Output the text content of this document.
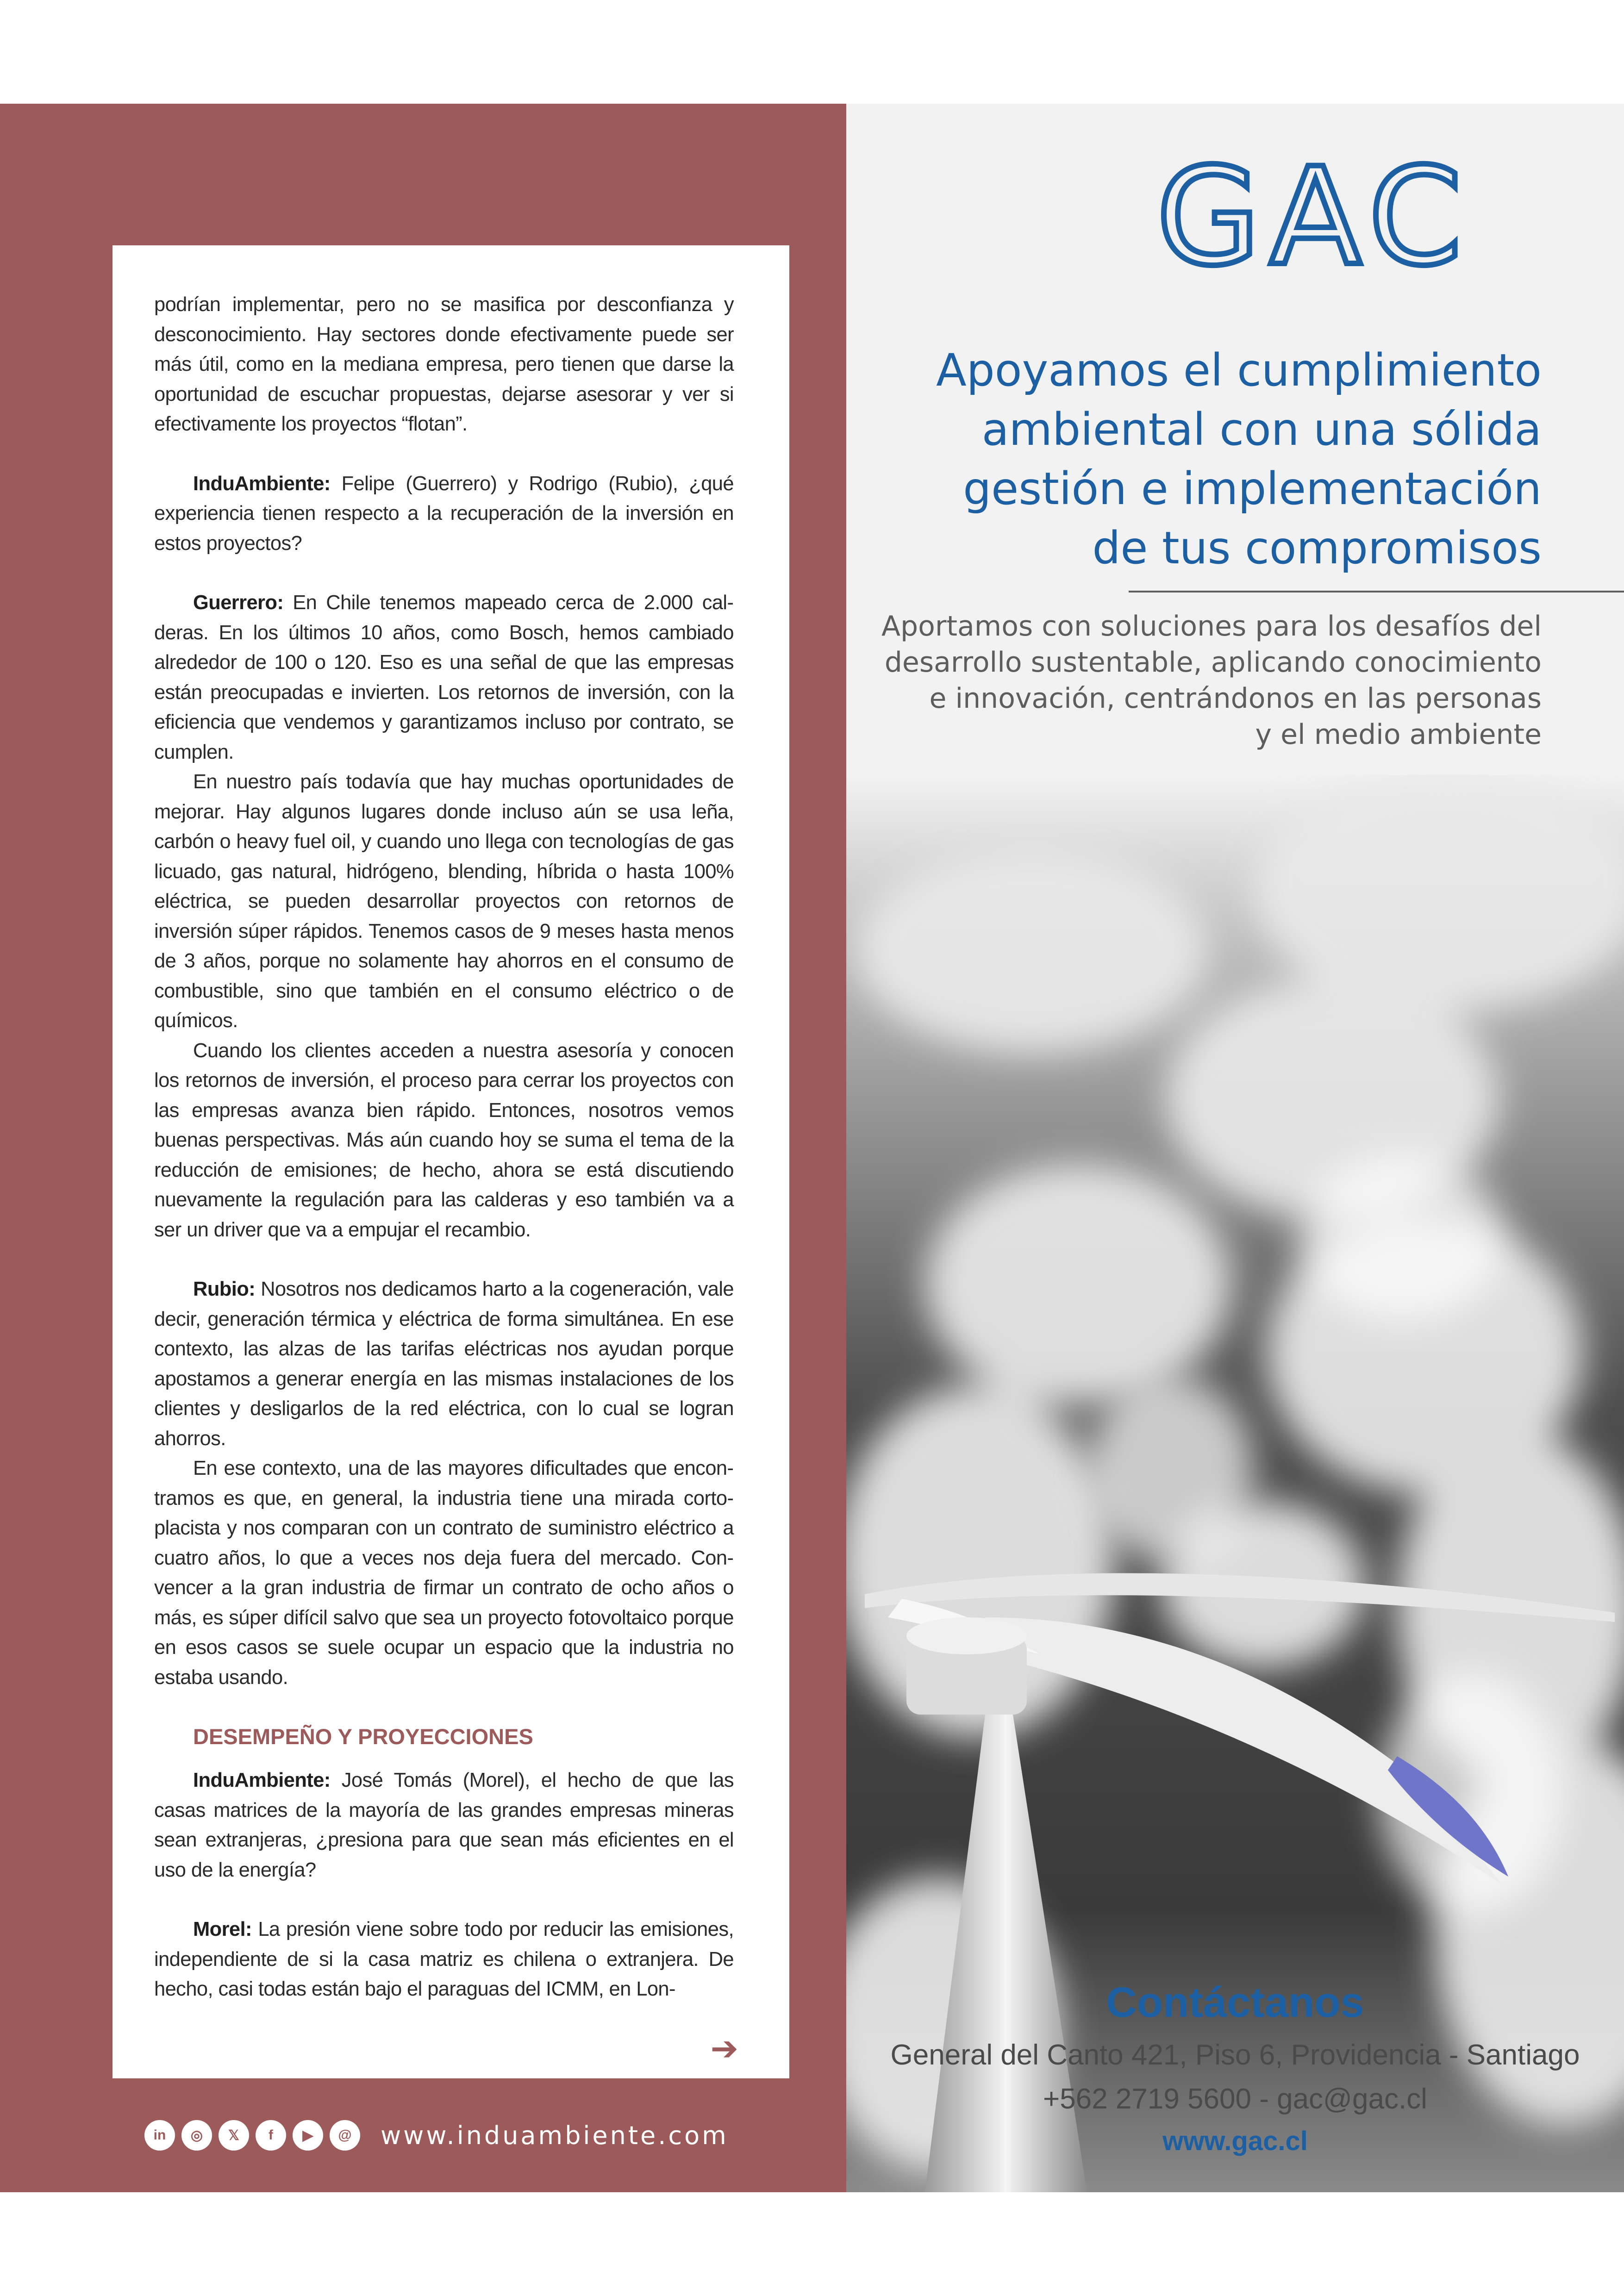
podrían implementar, pero no se masifica por desconfianza y desconocimiento. Hay sectores donde efectivamente puede ser más útil, como en la mediana empresa, pero tienen que darse la oportunidad de escuchar propuestas, dejarse asesorar y ver si efectivamente los proyectos “flotan”.

InduAmbiente: Felipe (Guerrero) y Rodrigo (Rubio), ¿qué experiencia tienen respecto a la recuperación de la inversión en estos proyectos?

Guerrero: En Chile tenemos mapeado cerca de 2.000 calderas. En los últimos 10 años, como Bosch, hemos cambiado alrededor de 100 o 120. Eso es una señal de que las empresas están preocupadas e invierten. Los retornos de inversión, con la eficiencia que vendemos y garantizamos incluso por contrato, se cumplen.

En nuestro país todavía que hay muchas oportunidades de mejorar. Hay algunos lugares donde incluso aún se usa leña, carbón o heavy fuel oil, y cuando uno llega con tecnologías de gas licuado, gas natural, hidrógeno, blending, híbrida o hasta 100% eléctrica, se pueden desarrollar proyectos con retornos de inversión súper rápidos. Tenemos casos de 9 meses hasta menos de 3 años, porque no solamente hay ahorros en el consumo de combustible, sino que también en el consumo eléctrico o de químicos.

Cuando los clientes acceden a nuestra asesoría y conocen los retornos de inversión, el proceso para cerrar los proyectos con las empresas avanza bien rápido. Entonces, nosotros vemos buenas perspectivas. Más aún cuando hoy se suma el tema de la reducción de emisiones; de hecho, ahora se está discutiendo nuevamente la regulación para las calderas y eso también va a ser un driver que va a empujar el recambio.

Rubio: Nosotros nos dedicamos harto a la cogeneración, vale decir, generación térmica y eléctrica de forma simultánea. En ese contexto, las alzas de las tarifas eléctricas nos ayudan porque apostamos a generar energía en las mismas instalaciones de los clientes y desligarlos de la red eléctrica, con lo cual se logran ahorros.

En ese contexto, una de las mayores dificultades que encontramos es que, en general, la industria tiene una mirada cortoplacista y nos comparan con un contrato de suministro eléctrico a cuatro años, lo que a veces nos deja fuera del mercado. Convencer a la gran industria de firmar un contrato de ocho años o más, es súper difícil salvo que sea un proyecto fotovoltaico porque en esos casos se suele ocupar un espacio que la industria no estaba usando.

DESEMPEÑO Y PROYECCIONES

InduAmbiente: José Tomás (Morel), el hecho de que las casas matrices de la mayoría de las grandes empresas mineras sean extranjeras, ¿presiona para que sean más eficientes en el uso de la energía?

Morel: La presión viene sobre todo por reducir las emisiones, independiente de si la casa matriz es chilena o extranjera. De hecho, casi todas están bajo el paraguas del ICMM, en Lon-

➔
PUNTOS DE VISTA 39
in	◎	𝕏	f	▶	@	www.induambiente.com
GAC
Apoyamos el cumplimiento
ambiental con una sólida
gestión e implementación
de tus compromisos
Aportamos con soluciones para los desafíos del
desarrollo sustentable, aplicando conocimiento
e innovación, centrándonos en las personas
y el medio ambiente
Contáctanos
General del Canto 421, Piso 6, Providencia - Santiago
+562 2719 5600 - gac@gac.cl
www.gac.cl
